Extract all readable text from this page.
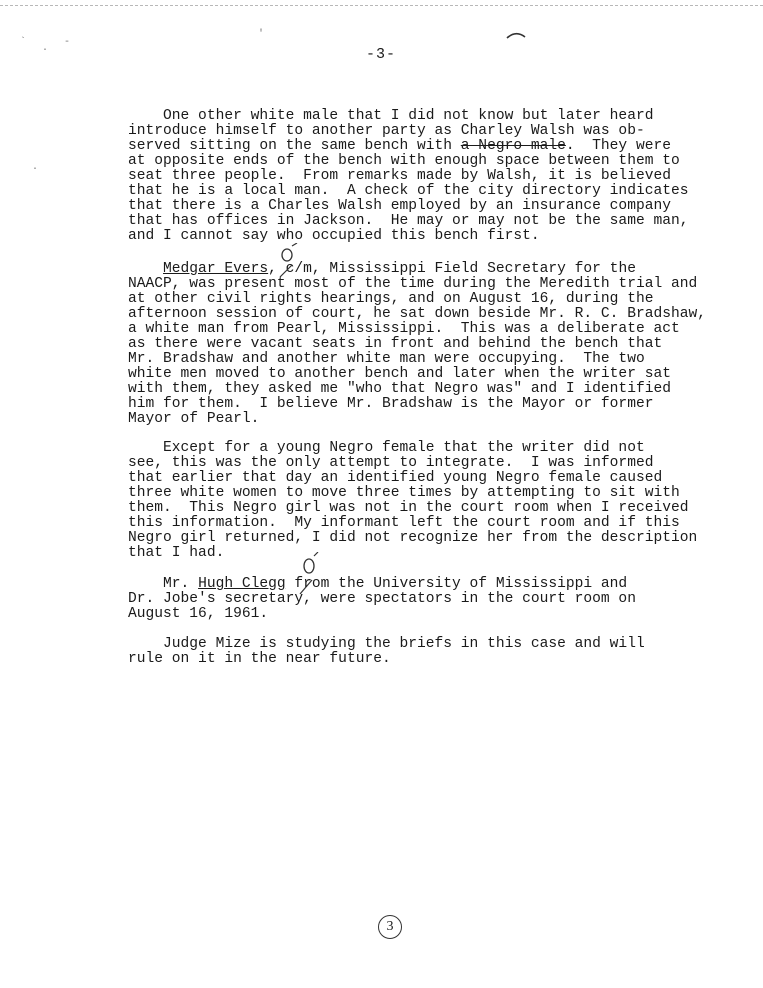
`
.
-
'
.
-3-
One other white male that I did not know but later heard
introduce himself to another party as Charley Walsh was ob-
served sitting on the same bench with a Negro male.  They were
at opposite ends of the bench with enough space between them to
seat three people.  From remarks made by Walsh, it is believed
that he is a local man.  A check of the city directory indicates
that there is a Charles Walsh employed by an insurance company
that has offices in Jackson.  He may or may not be the same man,
and I cannot say who occupied this bench first.
Medgar Evers, c/m, Mississippi Field Secretary for the
NAACP, was present most of the time during the Meredith trial and
at other civil rights hearings, and on August 16, during the
afternoon session of court, he sat down beside Mr. R. C. Bradshaw,
a white man from Pearl, Mississippi.  This was a deliberate act
as there were vacant seats in front and behind the bench that
Mr. Bradshaw and another white man were occupying.  The two
white men moved to another bench and later when the writer sat
with them, they asked me "who that Negro was" and I identified
him for them.  I believe Mr. Bradshaw is the Mayor or former
Mayor of Pearl.
Except for a young Negro female that the writer did not
see, this was the only attempt to integrate.  I was informed
that earlier that day an identified young Negro female caused
three white women to move three times by attempting to sit with
them.  This Negro girl was not in the court room when I received
this information.  My informant left the court room and if this
Negro girl returned, I did not recognize her from the description
that I had.
Mr. Hugh Clegg from the University of Mississippi and
Dr. Jobe's secretary, were spectators in the court room on
August 16, 1961.
Judge Mize is studying the briefs in this case and will
rule on it in the near future.
3
